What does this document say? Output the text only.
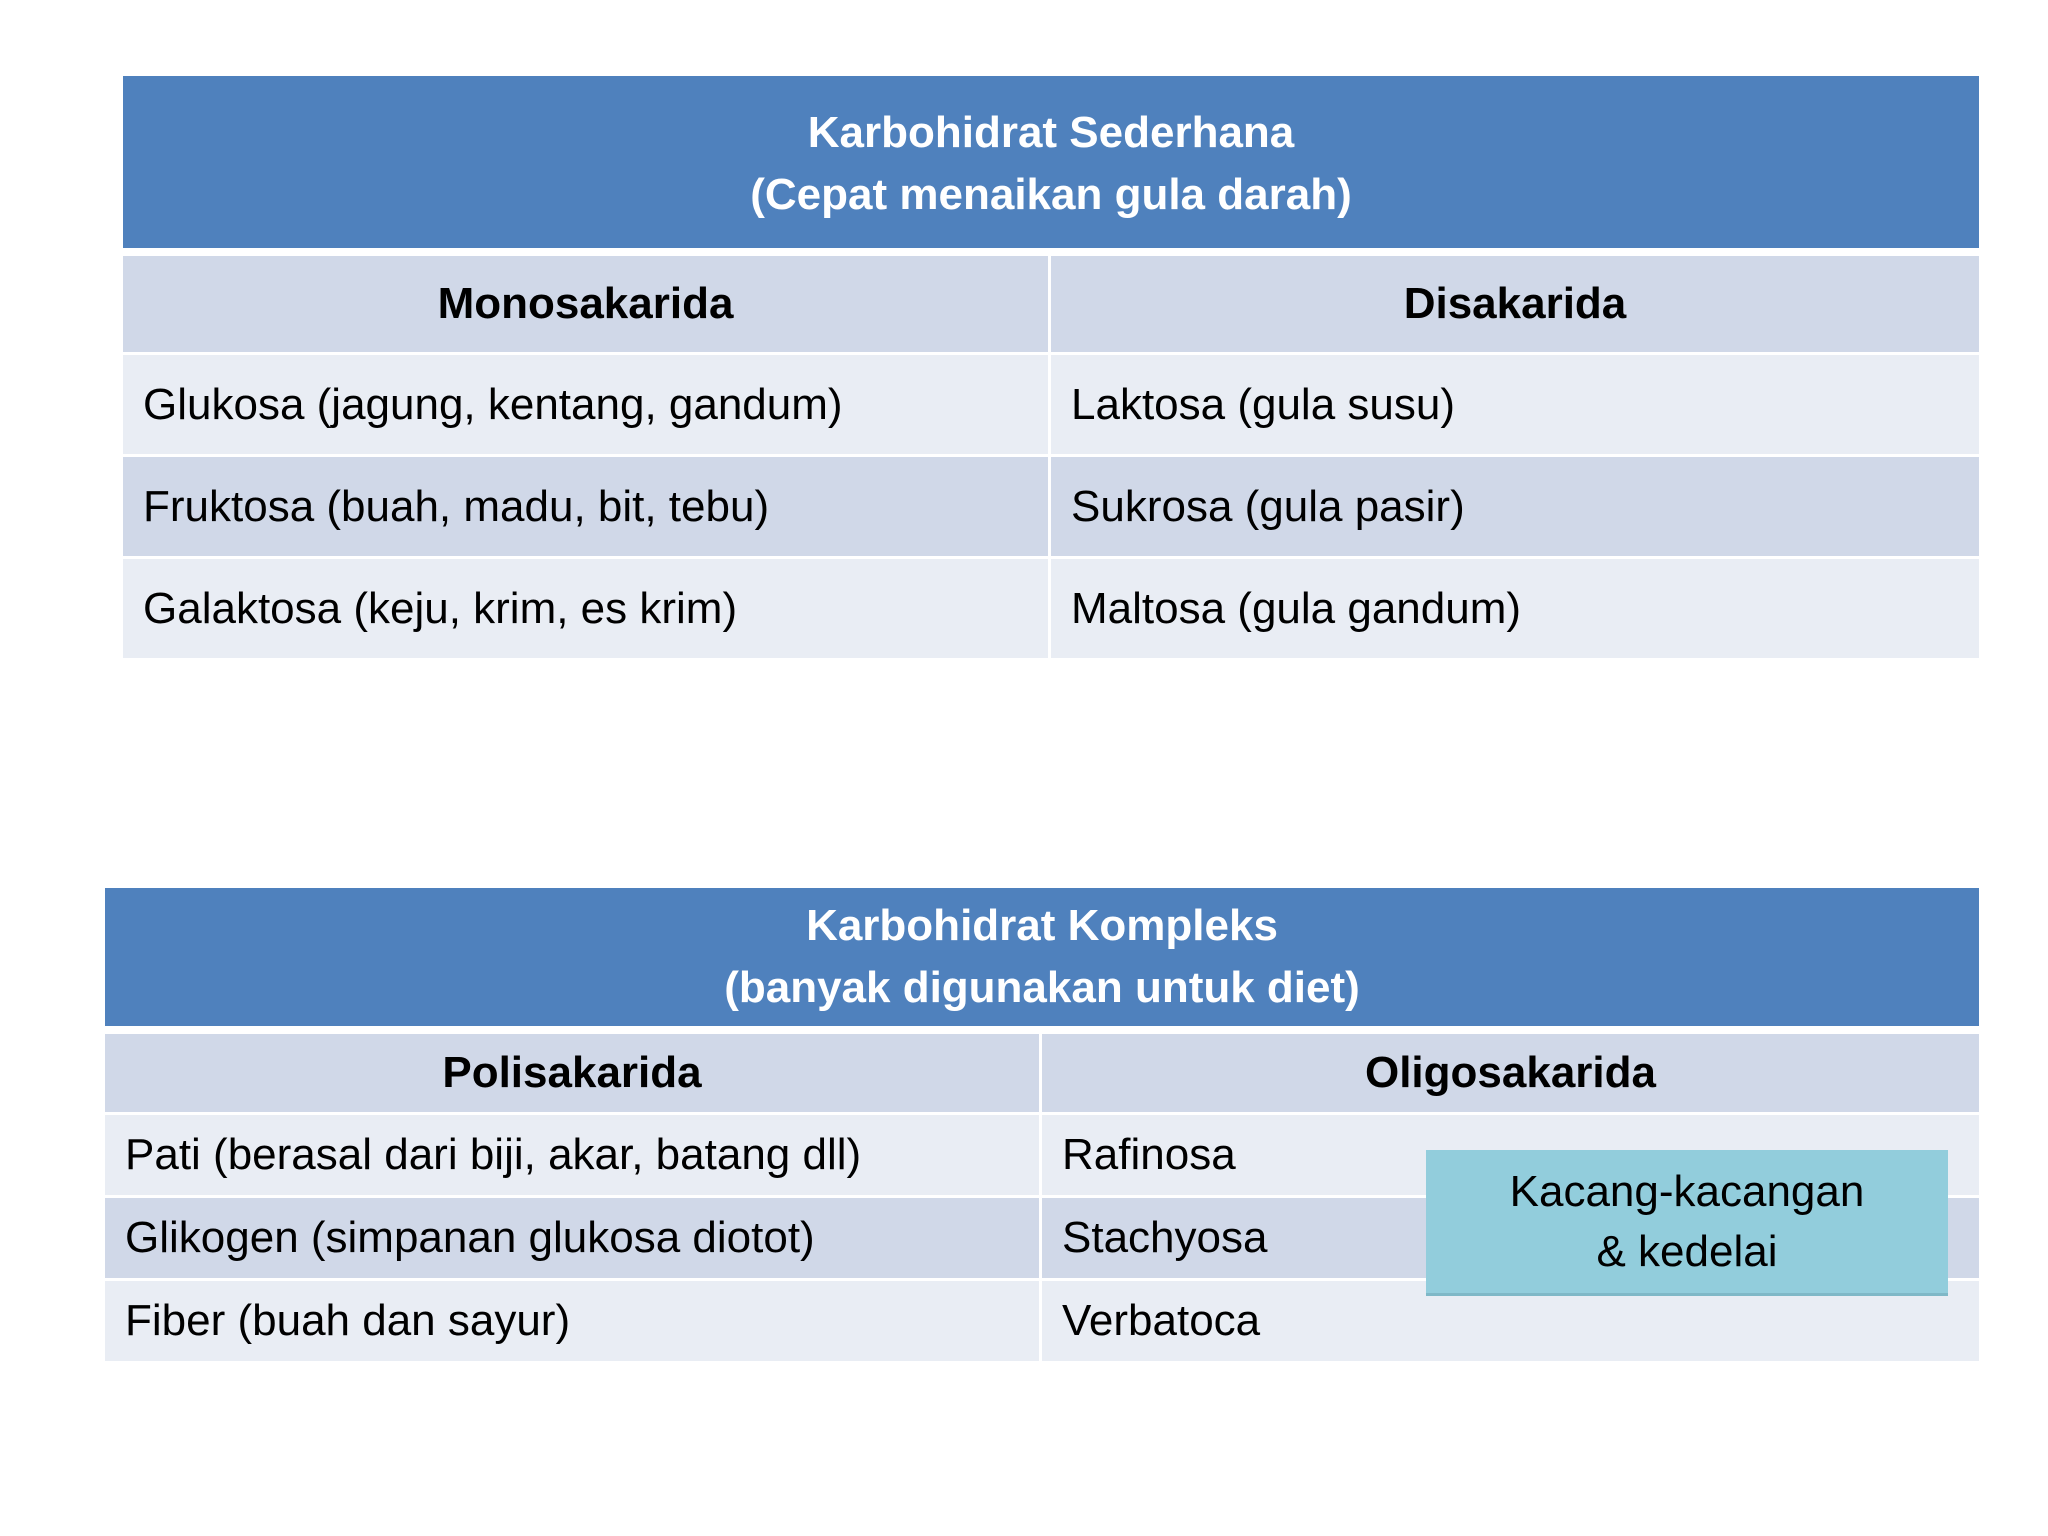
Karbohidrat Sederhana
(Cepat menaikan gula darah)
Monosakarida	Disakarida
Glukosa (jagung, kentang, gandum)	Laktosa (gula susu)
Fruktosa (buah, madu, bit, tebu)	Sukrosa (gula pasir)
Galaktosa (keju, krim, es krim)	Maltosa (gula gandum)
Karbohidrat Kompleks
(banyak digunakan untuk diet)
Polisakarida	Oligosakarida
Pati (berasal dari biji, akar, batang dll)	Rafinosa
Glikogen (simpanan glukosa diotot)	Stachyosa
Fiber (buah dan sayur)	Verbatoca
Kacang-kacangan
& kedelai
